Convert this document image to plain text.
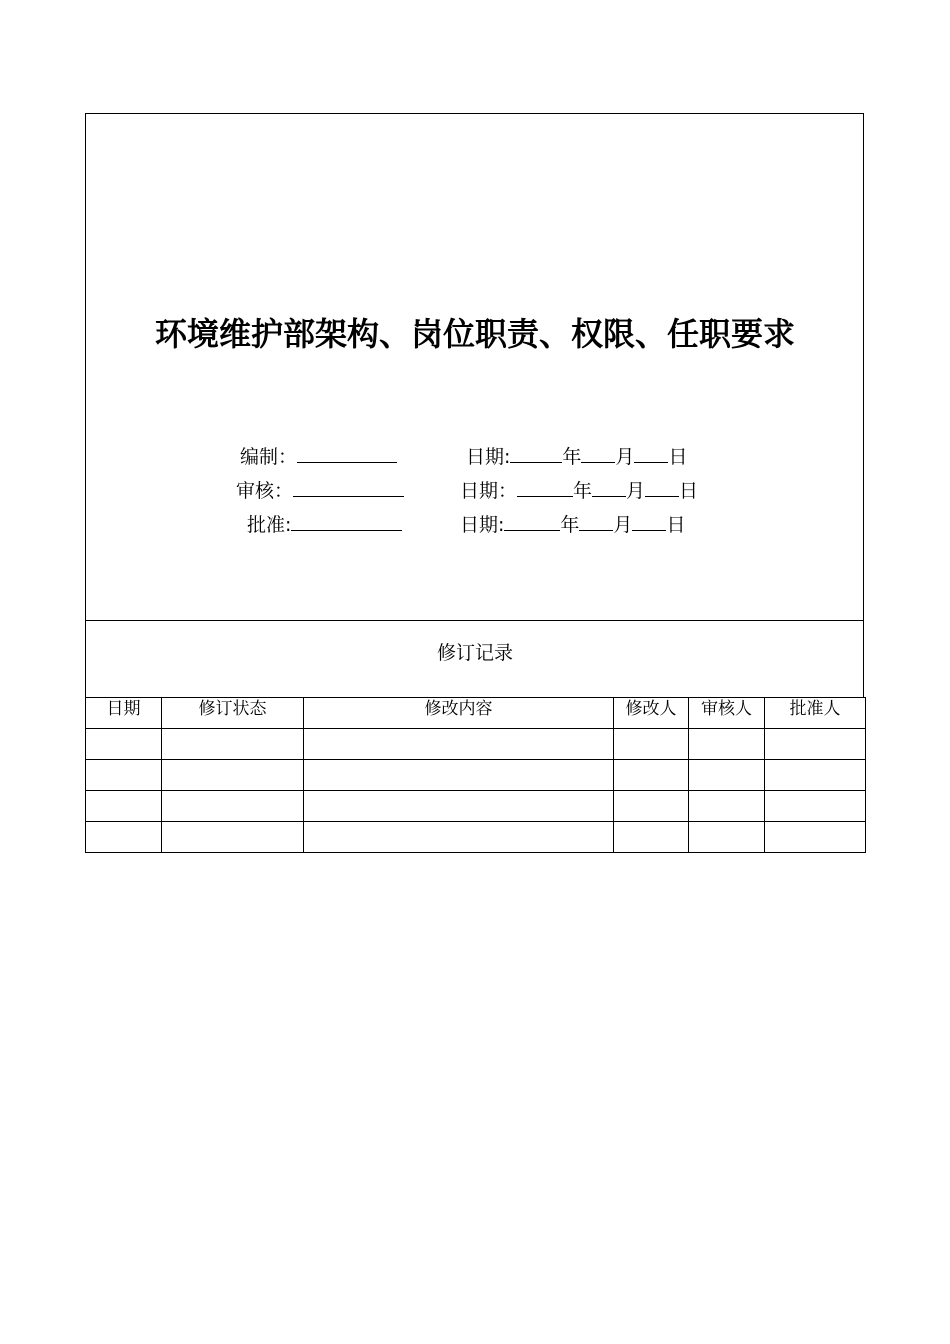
环境维护部架构、岗位职责、权限、任职要求
编制：	日期:	年 月 日
审核：	日期：	年 月 日
批准:	日期:	年 月 日
修订记录
日期	修订状态	修改内容	修改人	审核人	批准人
